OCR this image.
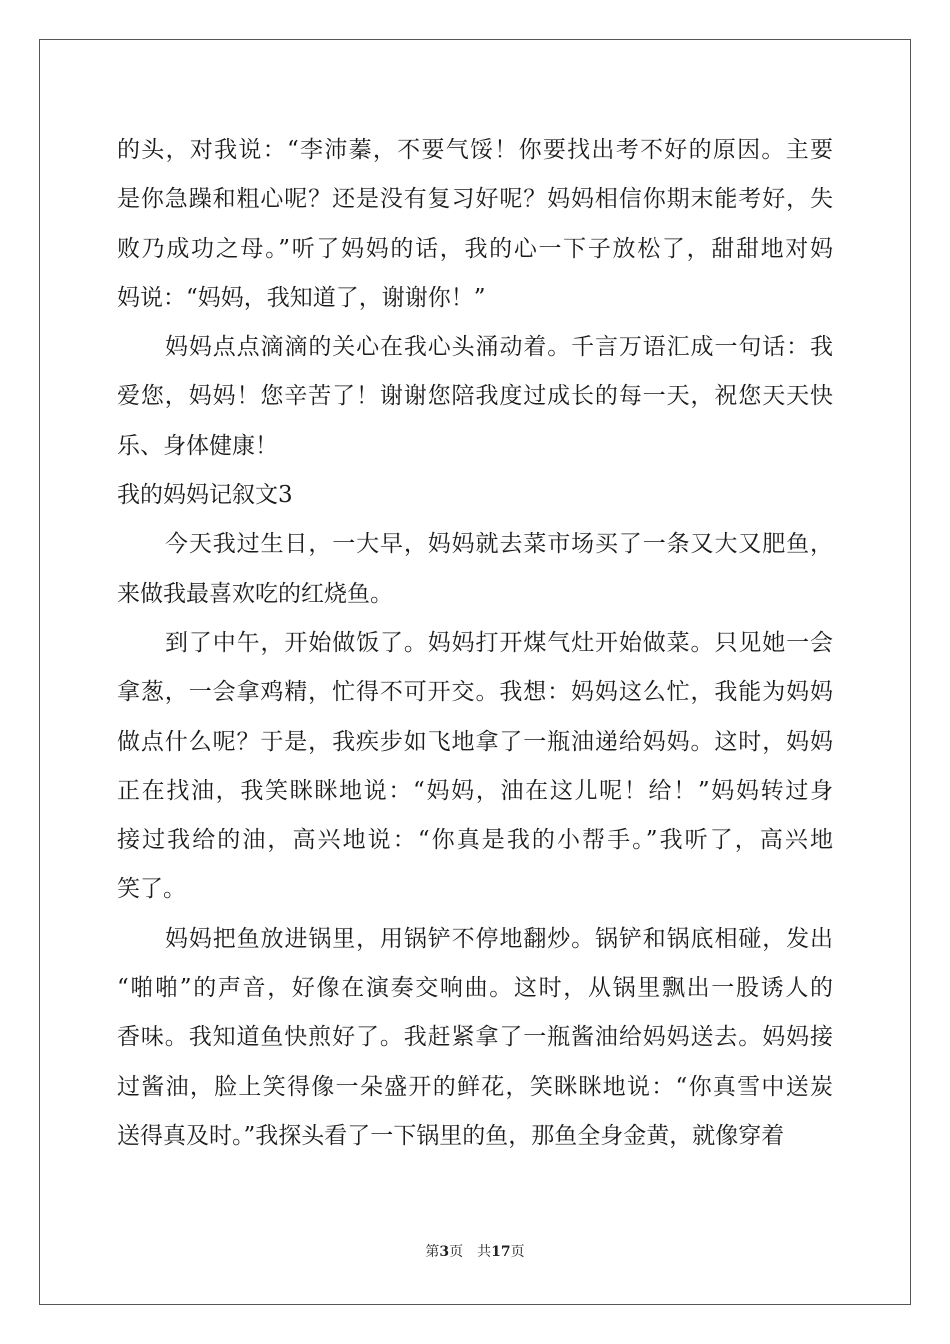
的头，对我说：“李沛蓁，不要气馁！你要找出考不好的原因。主要
是你急躁和粗心呢？还是没有复习好呢？妈妈相信你期末能考好，失
败乃成功之母。”听了妈妈的话，我的心一下子放松了，甜甜地对妈
妈说：“妈妈，我知道了，谢谢你！”
妈妈点点滴滴的关心在我心头涌动着。千言万语汇成一句话：我
爱您，妈妈！您辛苦了！谢谢您陪我度过成长的每一天，祝您天天快
乐、身体健康！
我的妈妈记叙文3
今天我过生日，一大早，妈妈就去菜市场买了一条又大又肥鱼，
来做我最喜欢吃的红烧鱼。
到了中午，开始做饭了。妈妈打开煤气灶开始做菜。只见她一会
拿葱，一会拿鸡精，忙得不可开交。我想：妈妈这么忙，我能为妈妈
做点什么呢？于是，我疾步如飞地拿了一瓶油递给妈妈。这时，妈妈
正在找油，我笑眯眯地说：“妈妈，油在这儿呢！给！”妈妈转过身
接过我给的油，高兴地说：“你真是我的小帮手。”我听了，高兴地
笑了。
妈妈把鱼放进锅里，用锅铲不停地翻炒。锅铲和锅底相碰，发出
“啪啪”的声音，好像在演奏交响曲。这时，从锅里飘出一股诱人的
香味。我知道鱼快煎好了。我赶紧拿了一瓶酱油给妈妈送去。妈妈接
过酱油，脸上笑得像一朵盛开的鲜花，笑眯眯地说：“你真雪中送炭
送得真及时。”我探头看了一下锅里的鱼，那鱼全身金黄，就像穿着
第3页 共17页
